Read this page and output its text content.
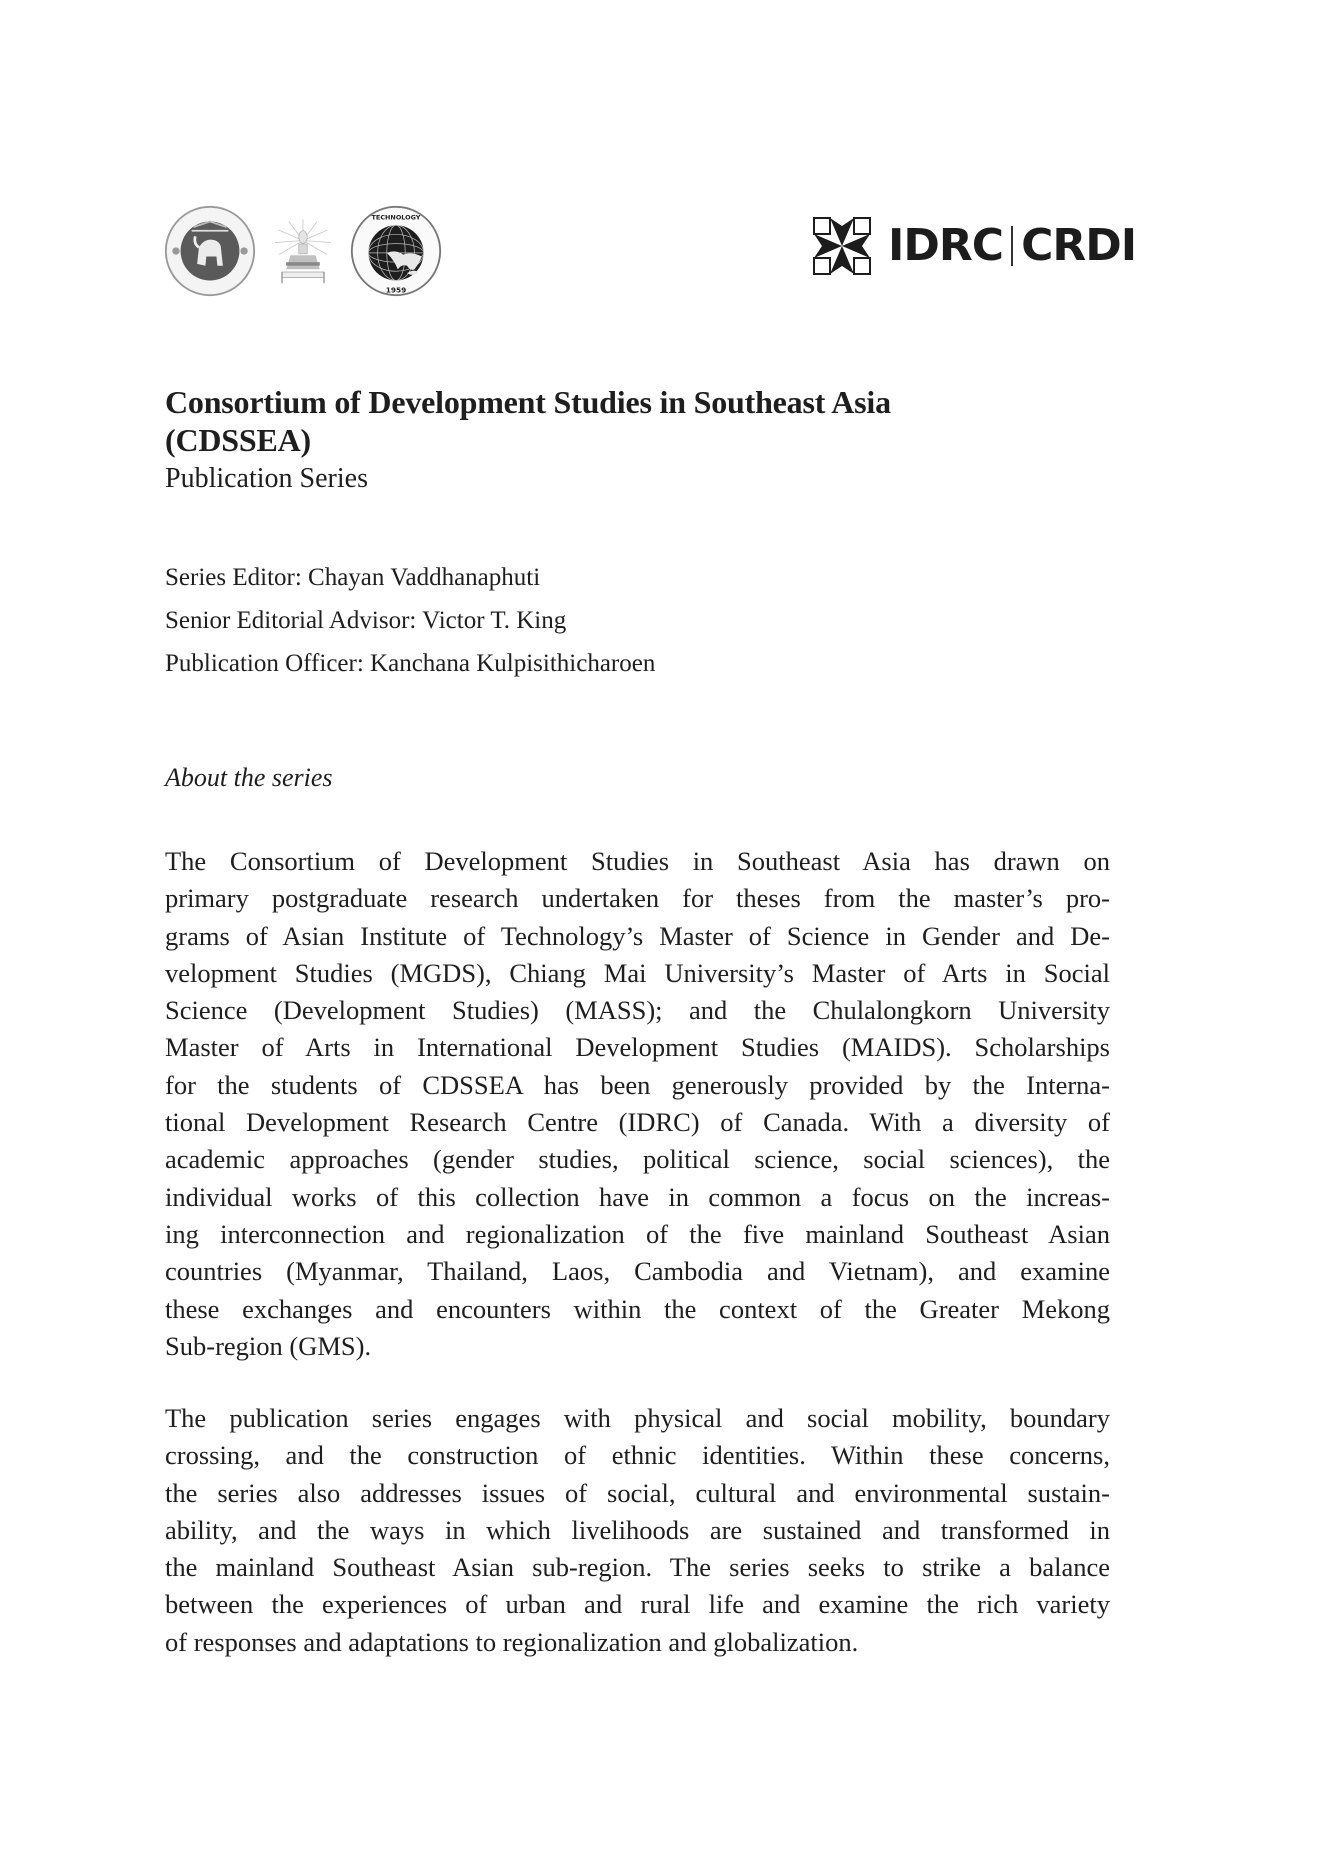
1959
TECHNOLOGY
IDRC CRDI
Consortium of Development Studies in Southeast Asia
(CDSSEA)

Publication Series

Series Editor: Chayan Vaddhanaphuti
Senior Editorial Advisor: Victor T. King
Publication Officer: Kanchana Kulpisithicharoen
About the series
The Consortium of Development Studies in Southeast Asia has drawn on
primary postgraduate research undertaken for theses from the master’s pro-
grams of Asian Institute of Technology’s Master of Science in Gender and De-
velopment Studies (MGDS), Chiang Mai University’s Master of Arts in Social
Science (Development Studies) (MASS); and the Chulalongkorn University
Master of Arts in International Development Studies (MAIDS). Scholarships
for the students of CDSSEA has been generously provided by the Interna-
tional Development Research Centre (IDRC) of Canada. With a diversity of
academic approaches (gender studies, political science, social sciences), the
individual works of this collection have in common a focus on the increas-
ing interconnection and regionalization of the five mainland Southeast Asian
countries (Myanmar, Thailand, Laos, Cambodia and Vietnam), and examine
these exchanges and encounters within the context of the Greater Mekong
Sub-region (GMS).
The publication series engages with physical and social mobility, boundary
crossing, and the construction of ethnic identities. Within these concerns,
the series also addresses issues of social, cultural and environmental sustain-
ability, and the ways in which livelihoods are sustained and transformed in
the mainland Southeast Asian sub-region. The series seeks to strike a balance
between the experiences of urban and rural life and examine the rich variety
of responses and adaptations to regionalization and globalization.
